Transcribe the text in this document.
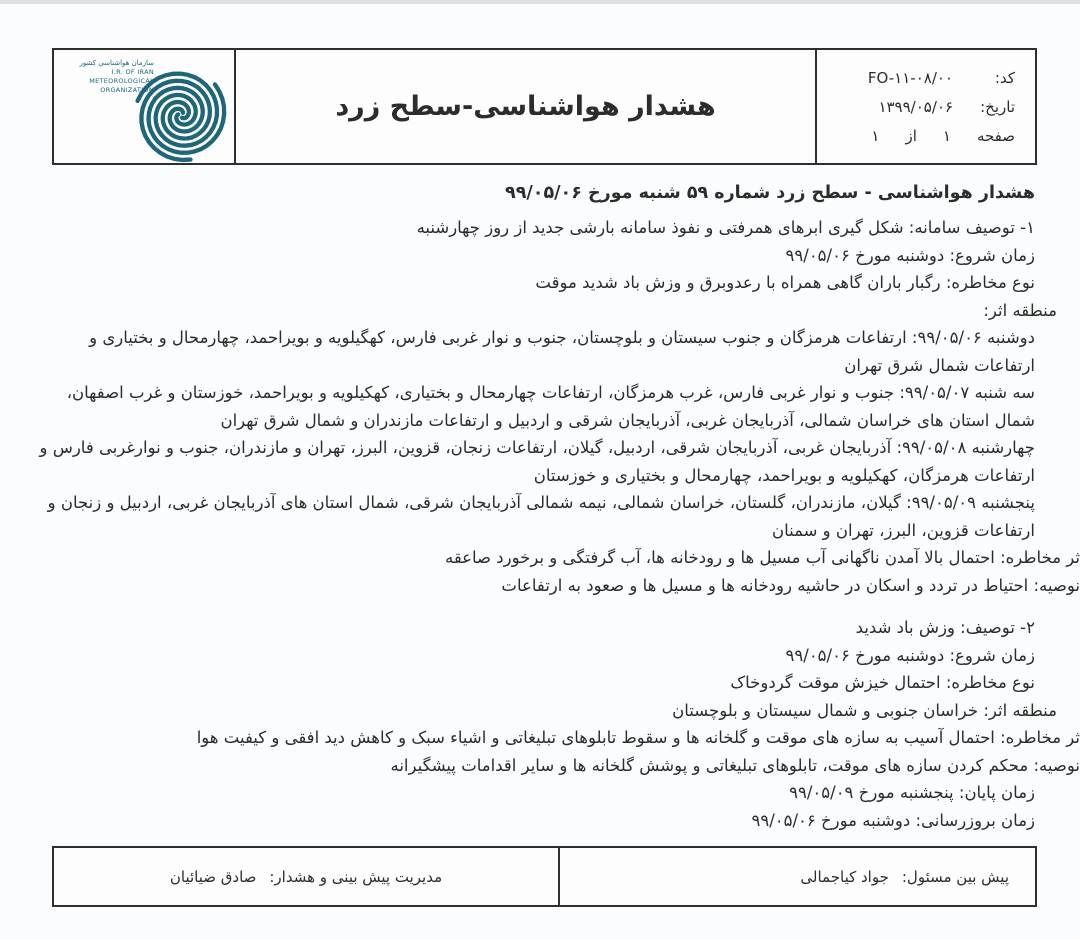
کد:
FO-۱۱-۰۸/۰۰
تاریخ:
۱۳۹۹/۰۵/۰۶
صفحه
۱
از
۱
هشدار هواشناسی-سطح زرد
سازمان هواشناسی کشور
I.R. OF IRAN
METEOROLOGICAL
ORGANIZATION
هشدار هواشناسی - سطح زرد شماره ۵۹ شنبه مورخ ۹۹/۰۵/۰۶
۱- توصیف سامانه: شکل گیری ابرهای همرفتی و نفوذ سامانه بارشی جدید از روز چهارشنبه
زمان شروع: دوشنبه مورخ ۹۹/۰۵/۰۶
نوع مخاطره: رگبار باران گاهی همراه با رعدوبرق و وزش باد شدید موقت
منطقه اثر:
دوشنبه ۹۹/۰۵/۰۶: ارتفاعات هرمزگان و جنوب سیستان و بلوچستان، جنوب و نوار غربی فارس، کهگیلویه و بویراحمد، چهارمحال و بختیاری و ارتفاعات شمال شرق تهران
سه شنبه ۹۹/۰۵/۰۷: جنوب و نوار غربی فارس، غرب هرمزگان، ارتفاعات چهارمحال و بختیاری، کهکیلویه و بویراحمد، خوزستان و غرب اصفهان، شمال استان های خراسان شمالی، آذربایجان غربی، آذربایجان شرقی و اردبیل و ارتفاعات مازندران و شمال شرق تهران
چهارشنبه ۹۹/۰۵/۰۸: آذربایجان غربی، آذربایجان شرقی، اردبیل، گیلان، ارتفاعات زنجان، قزوین، البرز، تهران و مازندران، جنوب و نوارغربی فارس و ارتفاعات هرمزگان، کهکیلویه و بویراحمد، چهارمحال و بختیاری و خوزستان
پنجشنبه ۹۹/۰۵/۰۹: گیلان، مازندران، گلستان، خراسان شمالی، نیمه شمالی آذربایجان شرقی، شمال استان های آذربایجان غربی، اردبیل و زنجان و ارتفاعات قزوین، البرز، تهران و سمنان
ثر مخاطره: احتمال بالا آمدن ناگهانی آب مسیل ها و رودخانه ها، آب گرفتگی و برخورد صاعقه
نوصیه: احتیاط در تردد و اسکان در حاشیه رودخانه ها و مسیل ها و صعود به ارتفاعات
۲- توصیف: وزش باد شدید
زمان شروع: دوشنبه مورخ ۹۹/۰۵/۰۶
نوع مخاطره: احتمال خیزش موقت گردوخاک
منطقه اثر: خراسان جنوبی و شمال سیستان و بلوچستان
ثر مخاطره: احتمال آسیب به سازه های موقت و گلخانه ها و سقوط تابلوهای تبلیغاتی و اشیاء سبک و کاهش دید افقی و کیفیت هوا
نوصیه: محکم کردن سازه های موقت، تابلوهای تبلیغاتی و پوشش گلخانه ها و سایر اقدامات پیشگیرانه
زمان پایان: پنجشنبه مورخ ۹۹/۰۵/۰۹
زمان بروزرسانی: دوشنبه مورخ ۹۹/۰۵/۰۶
پیش بین مسئول:
جواد کیاجمالی
مدیریت پیش بینی و هشدار:
صادق ضیائیان
